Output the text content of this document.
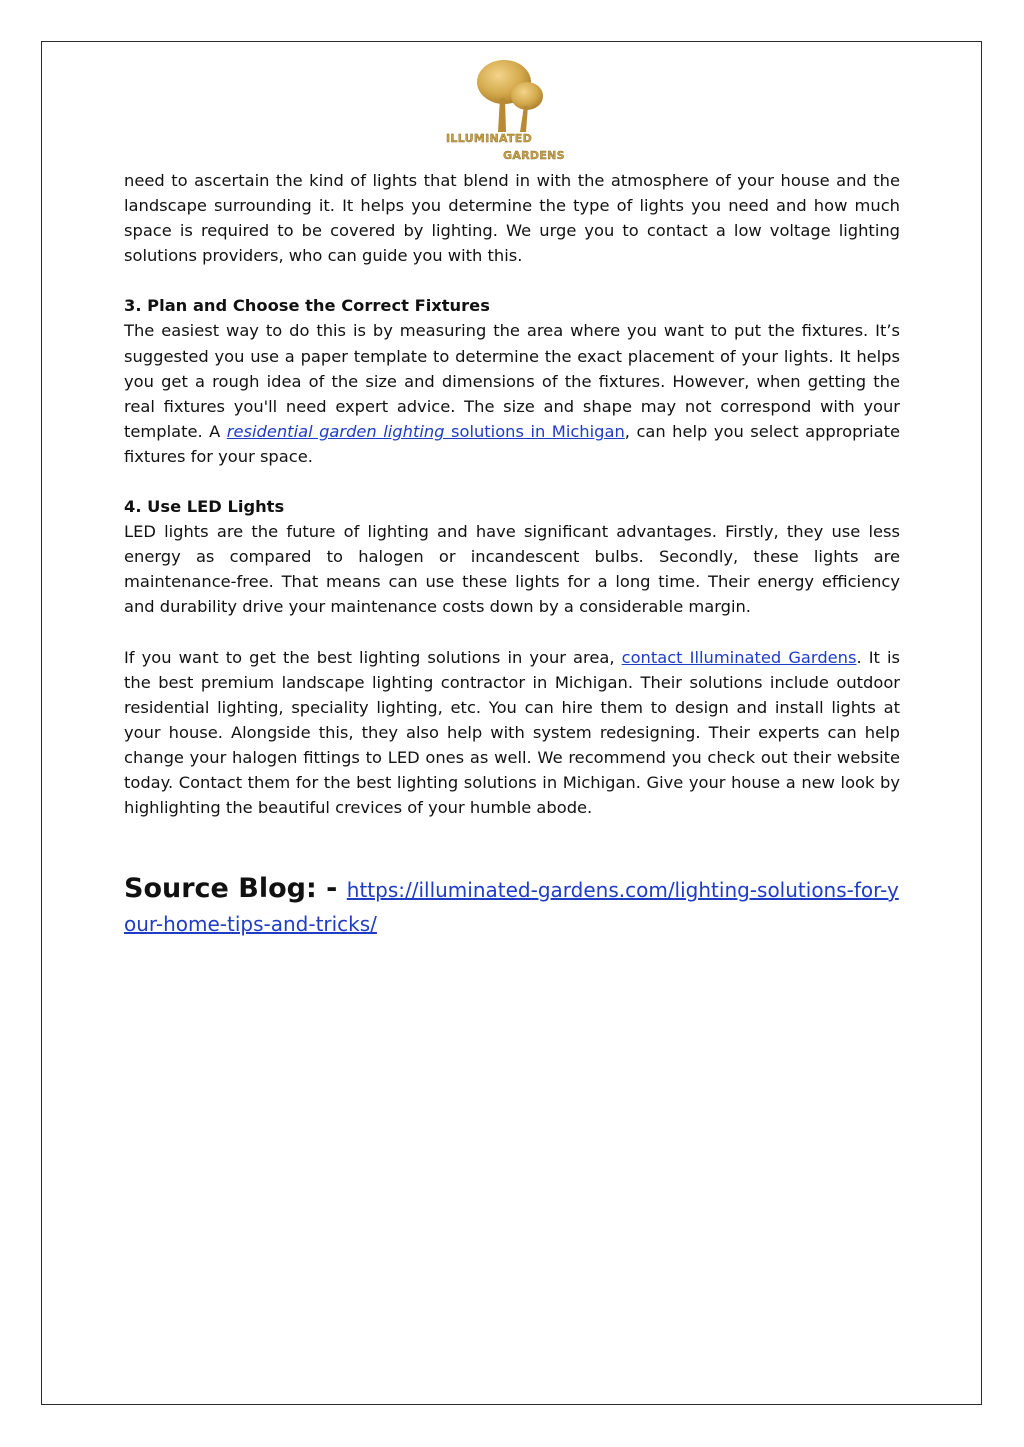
ILLUMINATED
GARDENS

need to ascertain the kind of lights that blend in with the atmosphere of your house and the landscape surrounding it. It helps you determine the type of lights you need and how much space is required to be covered by lighting. We urge you to contact a low voltage lighting solutions providers, who can guide you with this.

3. Plan and Choose the Correct Fixtures

The easiest way to do this is by measuring the area where you want to put the fixtures. It’s suggested you use a paper template to determine the exact placement of your lights. It helps you get a rough idea of the size and dimensions of the fixtures. However, when getting the real fixtures you'll need expert advice. The size and shape may not correspond with your template. A residential garden lighting solutions in Michigan, can help you select appropriate fixtures for your space.

4. Use LED Lights

LED lights are the future of lighting and have significant advantages. Firstly, they use less energy as compared to halogen or incandescent bulbs. Secondly, these lights are maintenance-free. That means can use these lights for a long time. Their energy efficiency and durability drive your maintenance costs down by a considerable margin.

If you want to get the best lighting solutions in your area, contact Illuminated Gardens. It is the best premium landscape lighting contractor in Michigan. Their solutions include outdoor residential lighting, speciality lighting, etc. You can hire them to design and install lights at your house. Alongside this, they also help with system redesigning. Their experts can help change your halogen fittings to LED ones as well. We recommend you check out their website today. Contact them for the best lighting solutions in Michigan. Give your house a new look by highlighting the beautiful crevices of your humble abode.

Source Blog: - https://illuminated-gardens.com/lighting-solutions-for-your-home-tips-and-tricks/
